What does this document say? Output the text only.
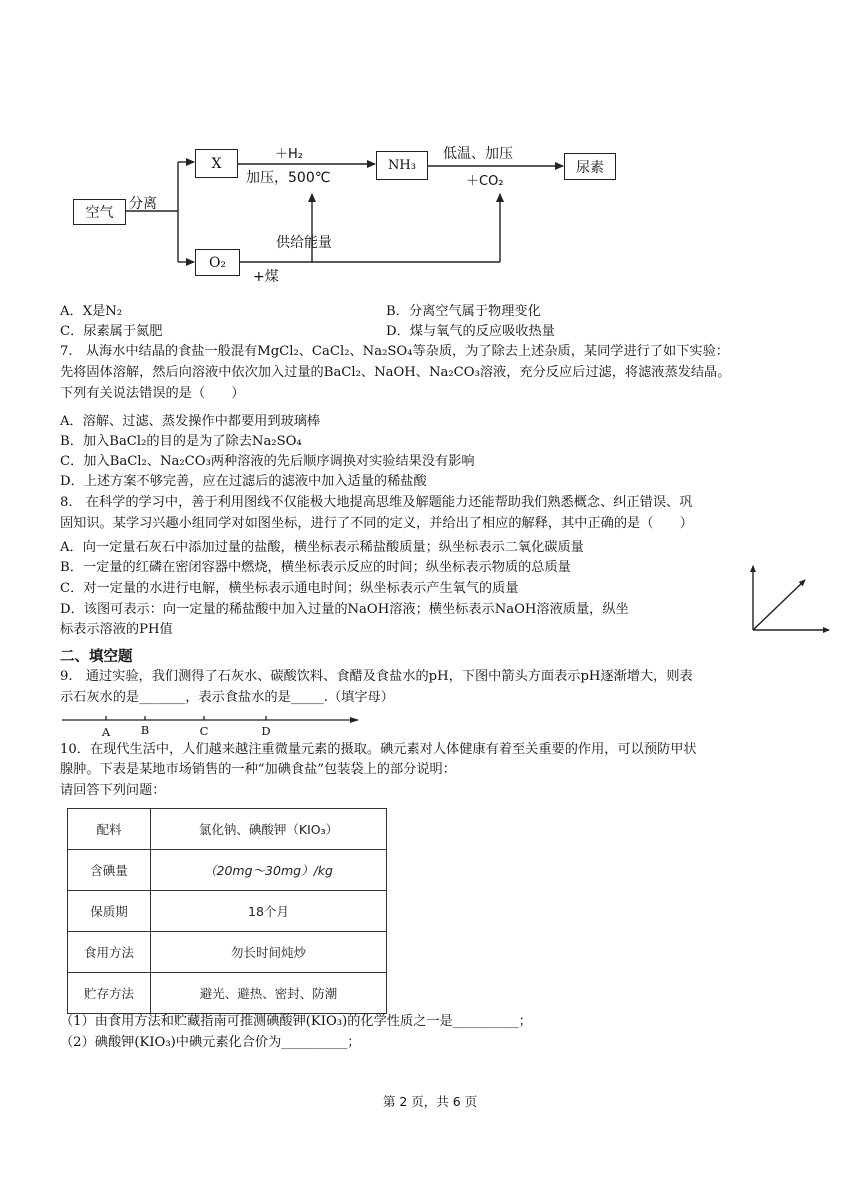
空气
分离
X
O₂
NH₃	尿素
＋H₂
加压，500℃
低温、加压
＋CO₂
供给能量
+煤
A．X是N₂	B．分离空气属于物理变化
C．尿素属于氮肥	D．煤与氧气的反应吸收热量
7.　从海水中结晶的食盐一般混有MgCl₂、CaCl₂、Na₂SO₄等杂质，为了除去上述杂质，某同学进行了如下实验：
先将固体溶解，然后向溶液中依次加入过量的BaCl₂、NaOH、Na₂CO₃溶液，充分反应后过滤，将滤液蒸发结晶。
下列有关说法错误的是（　　）
A．溶解、过滤、蒸发操作中都要用到玻璃棒
B．加入BaCl₂的目的是为了除去Na₂SO₄
C．加入BaCl₂、Na₂CO₃两种溶液的先后顺序调换对实验结果没有影响
D．上述方案不够完善，应在过滤后的滤液中加入适量的稀盐酸
8.　在科学的学习中，善于利用图线不仅能极大地提高思维及解题能力还能帮助我们熟悉概念、纠正错误、巩
固知识。某学习兴趣小组同学对如图坐标，进行了不同的定义，并给出了相应的解释，其中正确的是（　　）
A．向一定量石灰石中添加过量的盐酸，横坐标表示稀盐酸质量；纵坐标表示二氧化碳质量
B．一定量的红磷在密闭容器中燃烧，横坐标表示反应的时间；纵坐标表示物质的总质量
C．对一定量的水进行电解，横坐标表示通电时间；纵坐标表示产生氧气的质量
D．该图可表示：向一定量的稀盐酸中加入过量的NaOH溶液；横坐标表示NaOH溶液质量，纵坐
标表示溶液的PH值
二、填空题
9.　通过实验，我们测得了石灰水、碳酸饮料、食醋及食盐水的pH，下图中箭头方面表示pH逐渐增大，则表
示石灰水的是_______，表示食盐水的是_____.（填字母）
A	B	C	D
10．在现代生活中，人们越来越注重微量元素的摄取。碘元素对人体健康有着至关重要的作用，可以预防甲状
腺肿。下表是某地市场销售的一种“加碘食盐”包装袋上的部分说明：
请回答下列问题：
配料	氯化钠、碘酸钾（KIO₃）
含碘量	（20mg～30mg）/kg
保质期	18个月
食用方法	勿长时间炖炒
贮存方法	避光、避热、密封、防潮
（1）由食用方法和贮藏指南可推测碘酸钾(KIO₃)的化学性质之一是__________；
（2）碘酸钾(KIO₃)中碘元素化合价为__________；
第 2 页，共 6 页
